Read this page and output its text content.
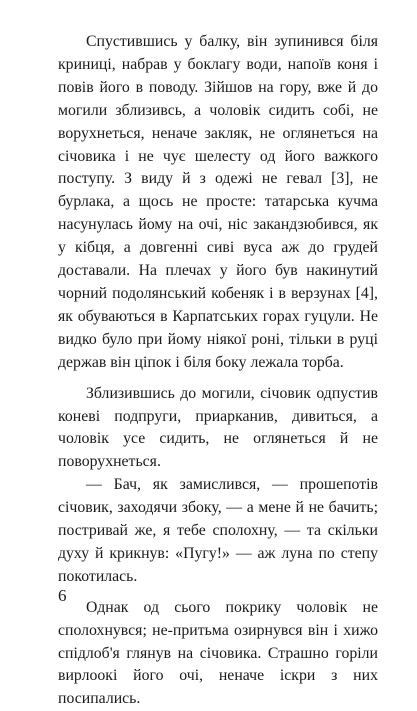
Спустившись у балку, він зупинився біля криниці, набрав у боклагу води, напоїв коня і повів його в поводу. Зійшов на гору, вже й до могили зблизивсь, а чоловік сидить собі, не ворухнеться, неначе закляк, не оглянеться на січовика і не чує шелесту од його важкого поступу. З виду й з одежі не гевал [3], не бурлака, а щось не просте: татарська кучма насунулась йому на очі, ніс закандзюбився, як у кібця, а довгенні сиві вуса аж до грудей доставали. На плечах у його був накинутий чорний подолянський кобеняк і в верзунах [4], як обуваються в Карпатських горах гуцули. Не видко було при йому ніякої роні, тільки в руці держав він ціпок і біля боку лежала торба.

Зблизившись до могили, січовик одпустив коневі подпруги, приарканив, дивиться, а чоловік усе сидить, не оглянеться й не поворухнеться.

— Бач, як замислився, — прошепотів січовик, заходячи збоку, — а мене й не бачить; постривай же, я тебе сполохну, — та скільки духу й крикнув: «Пугу!» — аж луна по степу покотилась.

Однак од сього покрику чоловік не сполохнувся; не-притьма озирнувся він і хижо спідлоб'я глянув на січовика. Страшно горіли вирлоокі його очі, неначе іскри з них посипались.

6
